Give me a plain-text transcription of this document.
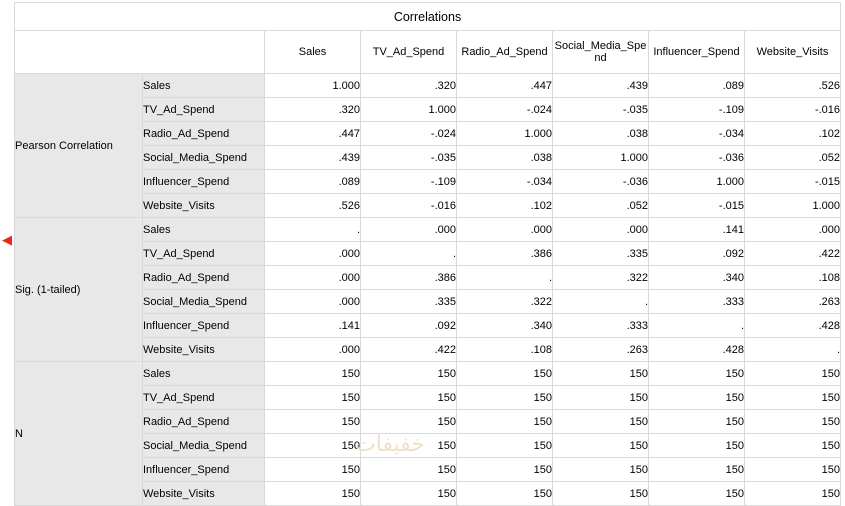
◀
Correlations							
		Sales	TV_Ad_Spend	Radio_Ad_Spend	Social_Media_Spend	Influencer_Spend	Website_Visits
Pearson Correlation	Sales	1.000	.320	.447	.439	.089	.526
	TV_Ad_Spend	.320	1.000	-.024	-.035	-.109	-.016
	Radio_Ad_Spend	.447	-.024	1.000	.038	-.034	.102
	Social_Media_Spend	.439	-.035	.038	1.000	-.036	.052
	Influencer_Spend	.089	-.109	-.034	-.036	1.000	-.015
	Website_Visits	.526	-.016	.102	.052	-.015	1.000
Sig. (1-tailed)	Sales	.	.000	.000	.000	.141	.000
	TV_Ad_Spend	.000	.	.386	.335	.092	.422
	Radio_Ad_Spend	.000	.386	.	.322	.340	.108
	Social_Media_Spend	.000	.335	.322	.	.333	.263
	Influencer_Spend	.141	.092	.340	.333	.	.428
	Website_Visits	.000	.422	.108	.263	.428	.
N	Sales	150	150	150	150	150	150
	TV_Ad_Spend	150	150	150	150	150	150
	Radio_Ad_Spend	150	150	150	150	150	150
	Social_Media_Spend	150	150	150	150	150	150
	Influencer_Spend	150	150	150	150	150	150
	Website_Visits	150	150	150	150	150	150
خفيفات
